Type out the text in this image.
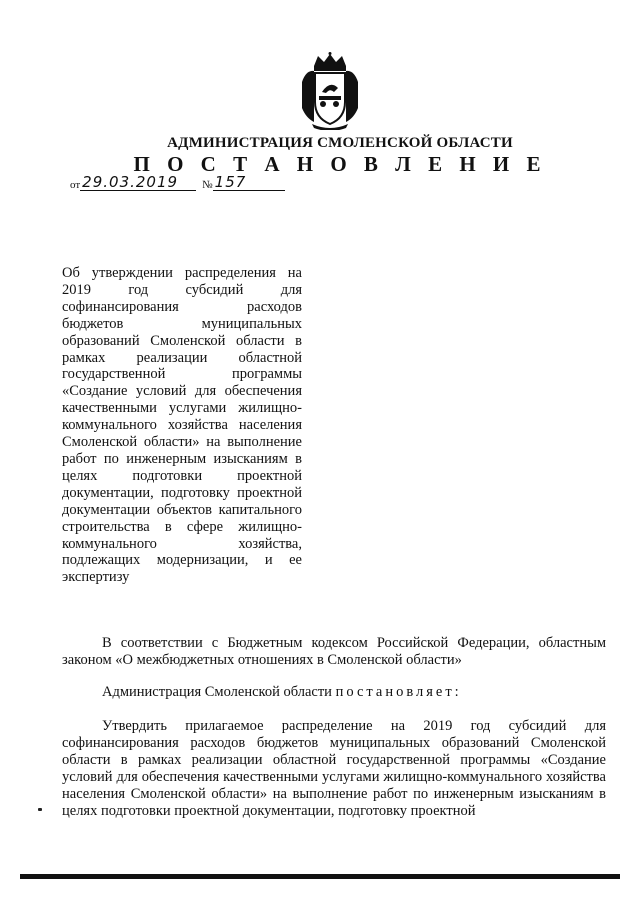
АДМИНИСТРАЦИЯ СМОЛЕНСКОЙ ОБЛАСТИ
П О С Т А Н О В Л Е Н И Е
от 29.03.2019	№ 157
Об утверждении распределения на 2019 год субсидий для софинансирования расходов бюджетов муниципальных образований Смоленской области в рамках реализации областной государственной программы «Создание условий для обеспечения качественными услугами жилищно-коммунального хозяйства населения Смоленской области» на выполнение работ по инженерным изысканиям в целях подготовки проектной документации, подготовку проектной документации объектов капитального строительства в сфере жилищно-коммунального хозяйства, подлежащих модернизации, и ее экспертизу
В соответствии с Бюджетным кодексом Российской Федерации, областным законом «О межбюджетных отношениях в Смоленской области»
Администрация Смоленской области постановляет:
Утвердить прилагаемое распределение на 2019 год субсидий для софинансирования расходов бюджетов муниципальных образований Смоленской области в рамках реализации областной государственной программы «Создание условий для обеспечения качественными услугами жилищно-коммунального хозяйства населения Смоленской области» на выполнение работ по инженерным изысканиям в целях подготовки проектной документации, подготовку проектной
